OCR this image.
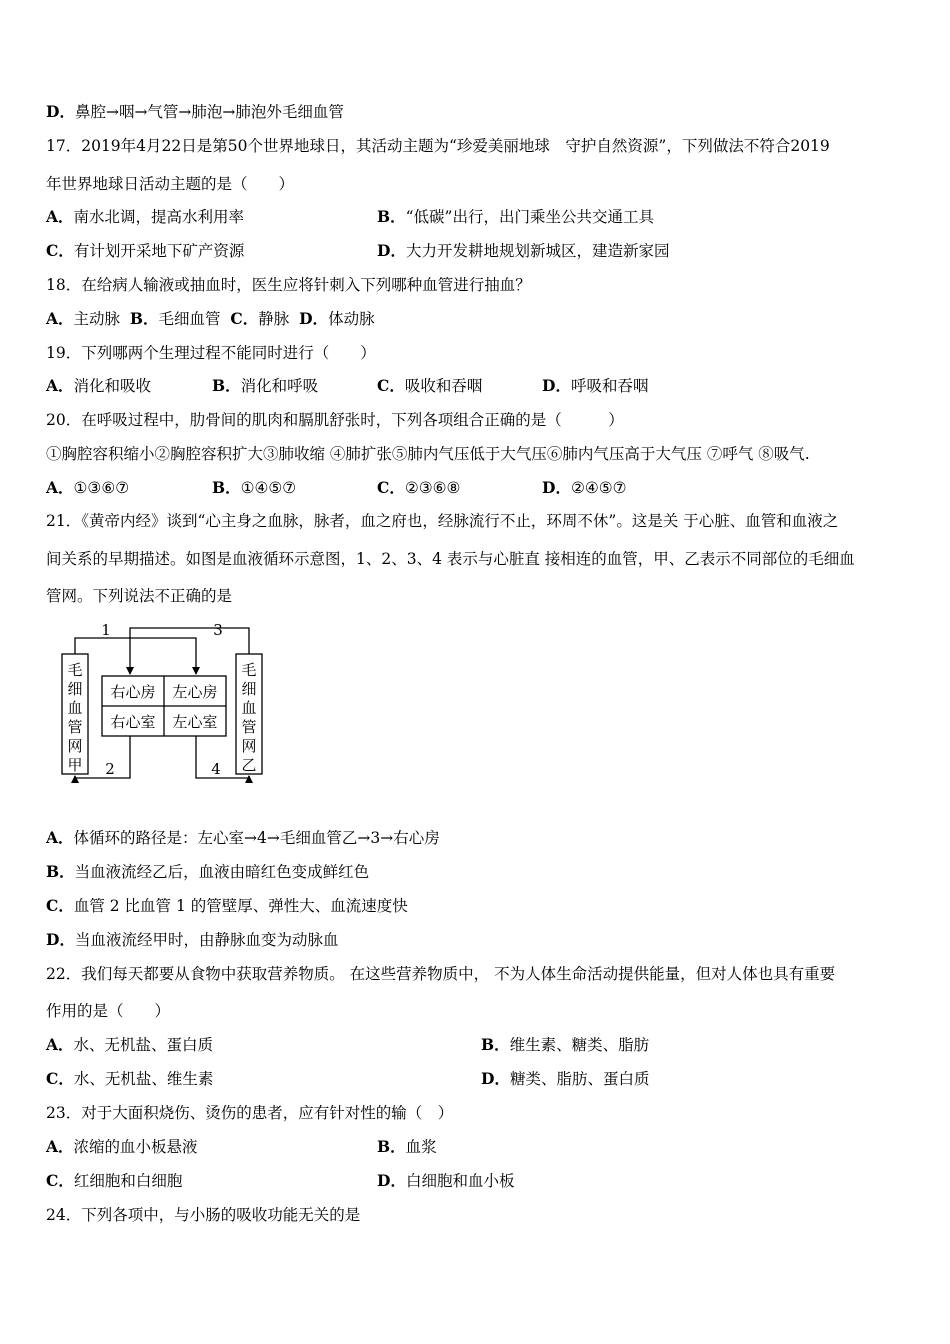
D．鼻腔→咽→气管→肺泡→肺泡外毛细血管
17．2019年4月22日是第50个世界地球日，其活动主题为“珍爱美丽地球　守护自然资源”，下列做法不符合2019
年世界地球日活动主题的是（　　）
A．南水北调，提高水利用率	B．“低碳”出行，出门乘坐公共交通工具
C．有计划开采地下矿产资源	D．大力开发耕地规划新城区，建造新家园
18．在给病人输液或抽血时，医生应将针刺入下列哪种血管进行抽血？
A．主动脉 B．毛细血管 C．静脉 D．体动脉
19．下列哪两个生理过程不能同时进行（　　）
A．消化和吸收	B．消化和呼吸	C．吸收和吞咽	D．呼吸和吞咽
20．在呼吸过程中，肋骨间的肌肉和膈肌舒张时，下列各项组合正确的是（　　　）
①胸腔容积缩小②胸腔容积扩大③肺收缩 ④肺扩张⑤肺内气压低于大气压⑥肺内气压高于大气压 ⑦呼气 ⑧吸气.
A．①③⑥⑦	B．①④⑤⑦	C．②③⑥⑧	D．②④⑤⑦
21．《黄帝内经》谈到“心主身之血脉，脉者，血之府也，经脉流行不止，环周不休”。这是关 于心脏、血管和血液之
间关系的早期描述。如图是血液循环示意图，1、2、3、4 表示与心脏直 接相连的血管，甲、乙表示不同部位的毛细血
管网。下列说法不正确的是
毛
细
血
管
网
甲
毛
细
血
管
网
乙
右心房 左心房
右心室 左心室
1	3
2	4
A．体循环的路径是：左心室→4→毛细血管乙→3→右心房
B．当血液流经乙后，血液由暗红色变成鲜红色
C．血管 2 比血管 1 的管壁厚、弹性大、血流速度快
D．当血液流经甲时，由静脉血变为动脉血
22．我们每天都要从食物中获取营养物质。 在这些营养物质中， 不为人体生命活动提供能量，但对人体也具有重要
作用的是（　　）
A．水、无机盐、蛋白质	B．维生素、糖类、脂肪
C．水、无机盐、维生素	D．糖类、脂肪、蛋白质
23．对于大面积烧伤、烫伤的患者，应有针对性的输（　）
A．浓缩的血小板悬液	B．血浆
C．红细胞和白细胞	D．白细胞和血小板
24．下列各项中，与小肠的吸收功能无关的是
